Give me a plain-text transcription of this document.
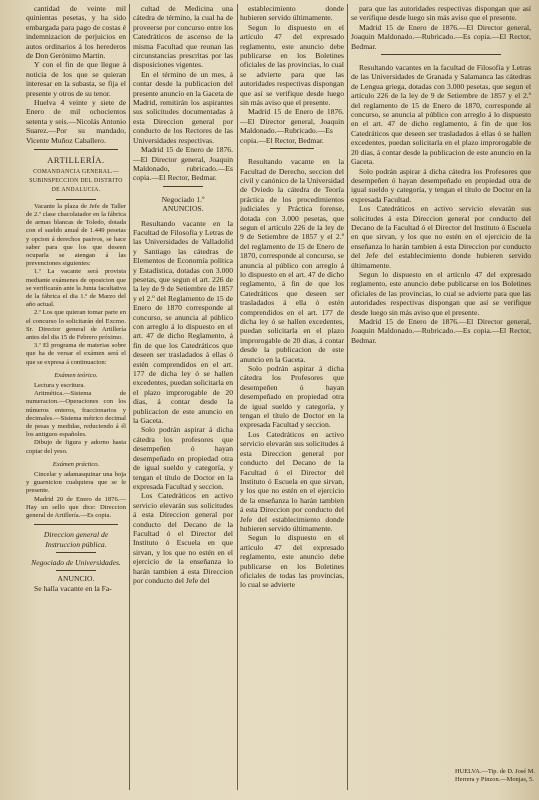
cantidad de veinte mil quinientas pesetas, y ha sido embargada para pago de costas é indemnizacion de perjuicios en autos ordinarios á los herederos de Don Gerónimo Martin.

Y con el fin de que llegue á noticia de los que se quieran interesar en la subasta, se fija el presente y otros de su tenor.

Huelva 4 veinte y siete de Enero de mil ochocientos setenta y seis.—Nicolás Antonio Suarez.—Por su mandado, Vicente Muñoz Caballero.

ARTILLERÍA.

COMANDANCIA GENERAL.—SUBINSPECCION DEL DISTRITO DE ANDALUCIA.

Vacante la plaza de Jefe de Taller de 2.ª clase chacolatador en la fábrica de armas blancas de Toledo, dotada con el sueldo anual de 1.449 pesetas y opcion á derechos pasivos, se hace saber para que los que deseen ocuparla se atengan á las prevenciones siguientes:

1.ª La vacante será provista mediante exámenes de oposicion que se verificarán ante la Junta facultativa de la fábrica el dia 1.º de Marzo del año actual.

2.ª Los que quieran tomar parte en el concurso lo solicitarán del Excmo. Sr. Director general de Artillería antes del dia 15 de Febrero próximo.

3.ª El programa de materias sobre que ha de versar el exámen será el que se expresa á continuacion:

Exámen teórico.

Lectura y escritura.

Aritmética.—Sistema de numeracion.—Operaciones con los números enteros, fraccionarios y decimales.—Sistema métrico decimal de pesas y medidas, reduciendo á él los antiguos españoles.

Dibujo de figura y adorno hasta copiar del yeso.

Exámen práctico.

Cincelar y adamasquinar una hoja y guarnicion cualquiera que se le presente.

Madrid 20 de Enero de 1876.—Hay un sello que dice: Direccion general de Artillería.—Es copia.

Direccion general de Instruccion pública.

Negociado de Universidades.

ANUNCIO.

Se halla vacante en la Fa-

cultad de Medicina una cátedra de término, la cual ha de proveerse por concurso entre los Catedráticos de ascenso de la misma Facultad que reunan las circunstancias prescritas por las disposiciones vigentes.

En el término de un mes, á contar desde la publicacion del presente anuncio en la Gaceta de Madrid, remitirán los aspirantes sus solicitudes documentadas á esta Direccion general por conducto de los Rectores de las Universidades respectivas.

Madrid 15 de Enero de 1876.—El Director general, Joaquin Maldonado, rubricado.—Es copia.—El Rector, Bedmar.

Negociado 1.º

ANUNCIOS.

Resultando vacante en la Facultad de Filosofía y Letras de las Universidades de Valladolid y Santiago las cátedras de Elementos de Economía política y Estadística, dotadas con 3.000 pesetas, que segun el art. 226 de la ley de 9 de Setiembre de 1857 y el 2.º del Reglamento de 15 de Enero de 1870 corresponde al concurso, se anuncia al público con arreglo á lo dispuesto en el art. 47 de dicho Reglamento, á fin de que los Catedráticos que deseen ser trasladados á ellas ó estén comprendidos en el art. 177 de dicha ley ó se hallen excedentes, puedan solicitarla en el plazo improrogable de 20 dias, á contar desde la publicacion de este anuncio en la Gaceta.

Solo podrán aspirar á dicha cátedra los profesores que desempeñen ó hayan desempeñado en propiedad otra de igual sueldo y categoría, y tengan el título de Doctor en la expresada Facultad y seccion.

Los Catedráticos en activo servicio elevarán sus solicitudes á esta Direccion general por conducto del Decano de la Facultad ó el Director del Instituto ó Escuela en que sirvan, y los que no estén en el ejercicio de la enseñanza lo harán tambien á esta Direccion por conducto del Jefe del

establecimiento donde hubieren servido últimamente.

Segun lo dispuesto en el artículo 47 del expresado reglamento, este anuncio debe publicarse en los Boletines oficiales de las provincias, lo cual se advierte para que las autoridades respectivas dispongan que así se verifique desde luego sin más aviso que el presente.

Madrid 15 de Enero de 1876.—El Director general, Joaquin Maldonado.—Rubricado.—Es copia.—El Rector, Bedmar.

Resultando vacante en la Facultad de Derecho, seccion del civil y canónico de la Universidad de Oviedo la cátedra de Teoría práctica de los procedimientos judiciales y Práctica forense, dotada con 3.000 pesetas, que segun el artículo 226 de la ley de 9 de Setiembre de 1857 y el 2.º del reglamento de 15 de Enero de 1870, corresponde al concurso, se anuncia al público con arreglo á lo dispuesto en el art. 47 de dicho reglamento, á fin de que los Catedráticos que deseen ser trasladados á ella ó estén comprendidos en el art. 177 de dicha ley ó se hallen excedentes, puedan solicitarla en el plazo improrogable de 20 dias, á contar desde la publicacion de este anuncio en la Gaceta.

Solo podrán aspirar á dicha cátedra los Profesores que desempeñen ó hayan desempeñado en propiedad otra de igual sueldo y categoría, y tengan el título de Doctor en la expresada Facultad y seccion.

Los Catedráticos en activo servicio elevarán sus solicitudes á esta Direccion general por conducto del Decano de la Facultad ó el Director del Instituto ó Escuela en que sirvan, y los que no estén en el ejercicio de la enseñanza lo harán tambien á esta Direccion por conducto del Jefe del establecimiento donde hubieren servido últimamente.

Segun lo dispuesto en el artículo 47 del expresado reglamento, este anuncio debe publicarse en los Boletines oficiales de todas las provincias, lo cual se advierte

para que las autoridades respectivas dispongan que así se verifique desde luego sin más aviso que el presente.

Madrid 15 de Enero de 1876.—El Director general, Joaquin Maldonado.—Rubricado.—Es copia.—El Rector, Bedmar.

Resultando vacantes en la facultad de Filosofía y Letras de las Universidades de Granada y Salamanca las cátedras de Lengua griega, dotadas con 3.000 pesetas, que segun el artículo 226 de la ley de 9 de Setiembre de 1857 y el 2.º del reglamento de 15 de Enero de 1870, corresponde al concurso, se anuncia al público con arreglo á lo dispuesto en el art. 47 de dicho reglamento, á fin de que los Catedráticos que deseen ser trasladados á ellas ó se hallen excedentes, puedan solicitarla en el plazo improrogable de 20 dias, á contar desde la publicacion de este anuncio en la Gaceta.

Solo podrán aspirar á dicha cátedra los Profesores que desempeñen ó hayan desempeñado en propiedad otra de igual sueldo y categoría, y tengan el título de Doctor en la expresada Facultad.

Los Catedráticos en activo servicio elevarán sus solicitudes á esta Direccion general por conducto del Decano de la Facultad ó el Director del Instituto ó Escuela en que sirvan, y los que no estén en el ejercicio de la enseñanza lo harán tambien á esta Direccion por conducto del Jefe del establecimiento donde hubieren servido últimamente.

Segun lo dispuesto en el artículo 47 del expresado reglamento, este anuncio debe publicarse en los Boletines oficiales de las provincias, lo cual se advierte para que las autoridades respectivas dispongan que así se verifique desde luego sin más aviso que el presente.

Madrid 15 de Enero de 1876.—El Director general, Joaquin Maldonado.—Rubricado.—Es copia.—El Rector, Bedmar.

HUELVA.—Tip. de D. José M. Herrera y Pinzon.—Monjas, 5.
